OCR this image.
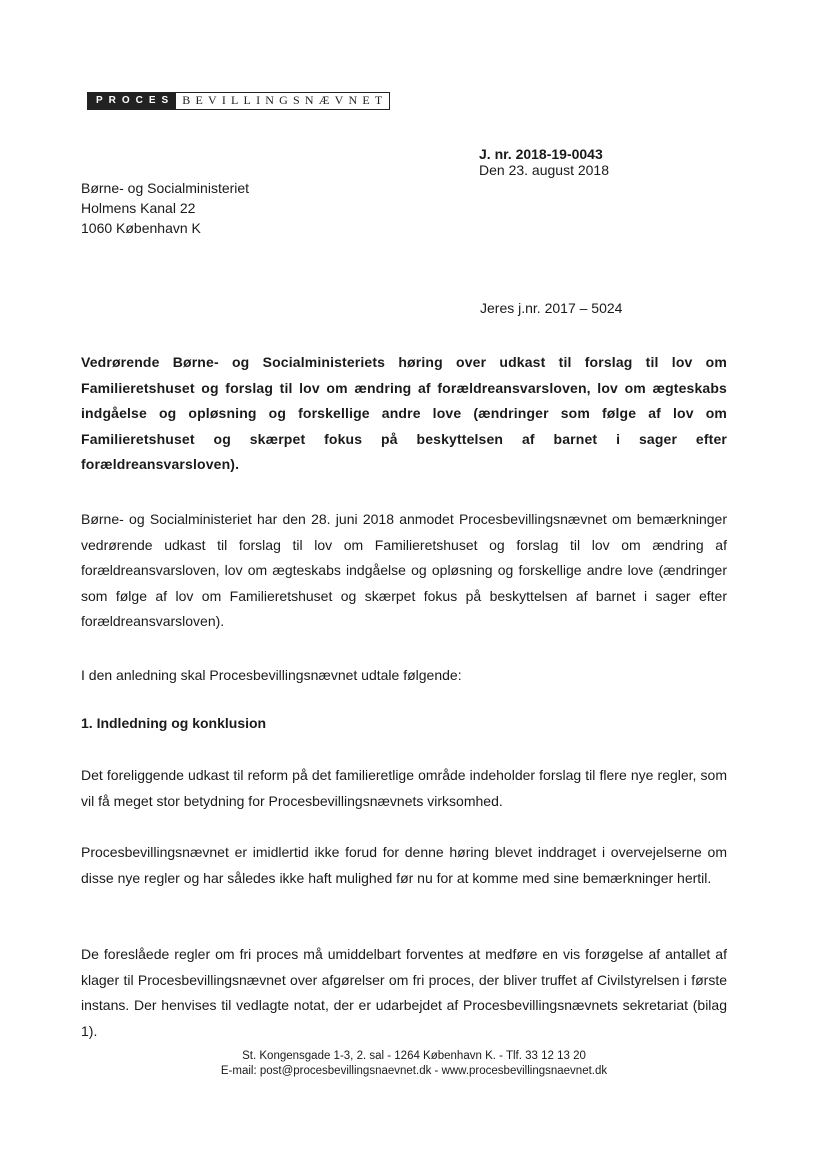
PROCES BEVILLINGSNÆVNET
J. nr. 2018-19-0043
Den 23. august 2018
Børne- og Socialministeriet
Holmens Kanal 22
1060 København K
Jeres j.nr. 2017 – 5024
Vedrørende Børne- og Socialministeriets høring over udkast til forslag til lov om Familieretshuset og forslag til lov om ændring af forældreansvarsloven, lov om ægteskabs indgåelse og opløsning og forskellige andre love (ændringer som følge af lov om Familieretshuset og skærpet fokus på beskyttelsen af barnet i sager efter forældreansvarsloven).
Børne- og Socialministeriet har den 28. juni 2018 anmodet Procesbevillingsnævnet om bemærkninger vedrørende udkast til forslag til lov om Familieretshuset og forslag til lov om ændring af forældreansvarsloven, lov om ægteskabs indgåelse og opløsning og forskellige andre love (ændringer som følge af lov om Familieretshuset og skærpet fokus på beskyttelsen af barnet i sager efter forældreansvarsloven).
I den anledning skal Procesbevillingsnævnet udtale følgende:
1. Indledning og konklusion
Det foreliggende udkast til reform på det familieretlige område indeholder forslag til flere nye regler, som vil få meget stor betydning for Procesbevillingsnævnets virksomhed.
Procesbevillingsnævnet er imidlertid ikke forud for denne høring blevet inddraget i overvejelserne om disse nye regler og har således ikke haft mulighed før nu for at komme med sine bemærkninger hertil.
De foreslåede regler om fri proces må umiddelbart forventes at medføre en vis forøgelse af antallet af klager til Procesbevillingsnævnet over afgørelser om fri proces, der bliver truffet af Civilstyrelsen i første instans. Der henvises til vedlagte notat, der er udarbejdet af Procesbevillingsnævnets sekretariat (bilag 1).
St. Kongensgade 1-3, 2. sal - 1264 København K. - Tlf. 33 12 13 20
E-mail: post@procesbevillingsnaevnet.dk - www.procesbevillingsnaevnet.dk
